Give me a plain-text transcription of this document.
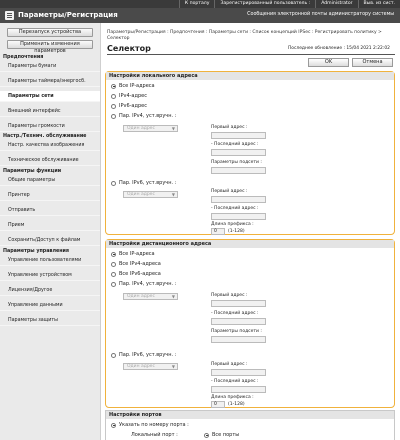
К порталу	Зарегистрированный пользователь :	Administrator	Выв. из сист.
Параметры/Регистрация	Сообщения электронной почты администратору системы
Перезапуск устройства
Применить изменения параметров
Предпочтения
Параметры бумаги
Параметры таймера/энергосб.
Параметры сети
Внешний интерфейс
Параметры громкости
Настр./Технич. обслуживание
Настр. качества изображения
Техническое обслуживание
Параметры функции
Общие параметры
Принтер
Отправить
Прием
Сохранить/Доступ к файлам
Параметры управления
Управление пользователями
Управление устройством
Лицензия/Другое
Управление данными
Параметры защиты
Параметры/Регистрация : Предпочтения : Параметры сети : Список концепций IPSec : Регистрировать политику > Селектор
Селектор	Последнее обновление : 15/04 2021 2:22:02
OK	Отмена
Настройки локального адреса
Все IP-адреса
IPv4-адрес
IPv6-адрес
Пар. IPv4, уст.вручн. :
Один адрес	▼	Первый адрес :
- Последний адрес :
Параметры подсети :
Пар. IPv6, уст.вручн. :
Один адрес	▼
Первый адрес :
- Последний адрес :
Длина префикса :
0	(1-128)
Настройки дистанционного адреса
Все IP-адреса
Все IPv4-адреса
Все IPv6-адреса
Пар. IPv4, уст.вручн. :
Один адрес	▼	Первый адрес :
- Последний адрес :
Параметры подсети :
Пар. IPv6, уст.вручн. :
Один адрес	▼	Первый адрес :
- Последний адрес :
Длина префикса :
0	(1-128)
Настройки портов
Указать по номеру порта :
Локальный порт :	Все порты
